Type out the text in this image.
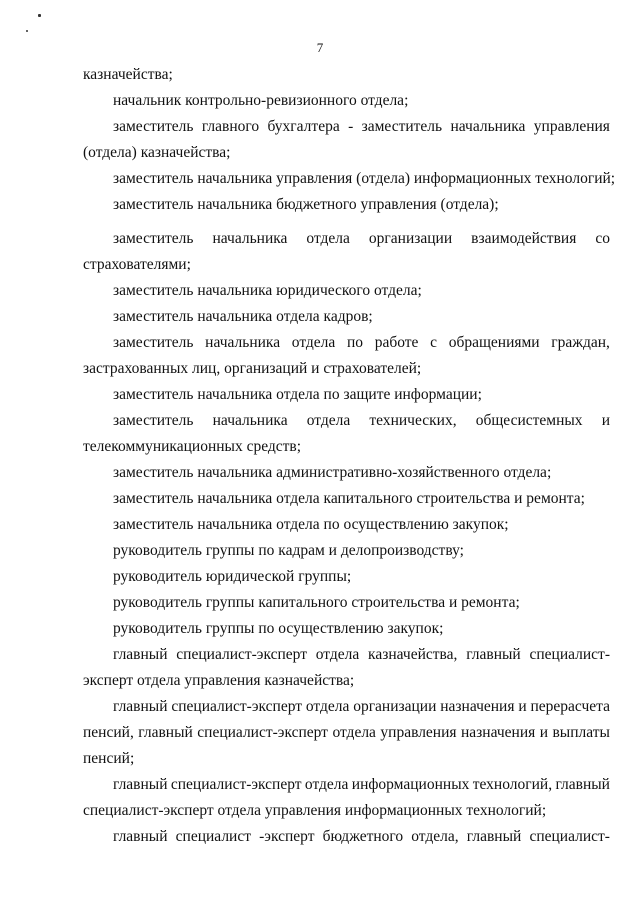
7
казначейства;
начальник контрольно-ревизионного отдела;
заместитель главного бухгалтера - заместитель начальника управления
(отдела) казначейства;
заместитель начальника управления (отдела) информационных технологий;
заместитель начальника бюджетного управления (отдела);
заместитель начальника отдела организации взаимодействия со
страхователями;
заместитель начальника юридического отдела;
заместитель начальника отдела кадров;
заместитель начальника отдела по работе с обращениями граждан,
застрахованных лиц, организаций и страхователей;
заместитель начальника отдела по защите информации;
заместитель начальника отдела технических, общесистемных и
телекоммуникационных средств;
заместитель начальника административно-хозяйственного отдела;
заместитель начальника отдела капитального строительства и ремонта;
заместитель начальника отдела по осуществлению закупок;
руководитель группы по кадрам и делопроизводству;
руководитель юридической группы;
руководитель группы капитального строительства и ремонта;
руководитель группы по осуществлению закупок;
главный специалист-эксперт отдела казначейства, главный специалист-
эксперт отдела управления казначейства;
главный специалист-эксперт отдела организации назначения и перерасчета
пенсий, главный специалист-эксперт отдела управления назначения и выплаты
пенсий;
главный специалист-эксперт отдела информационных технологий, главный
специалист-эксперт отдела управления информационных технологий;
главный специалист -эксперт бюджетного отдела, главный специалист-
